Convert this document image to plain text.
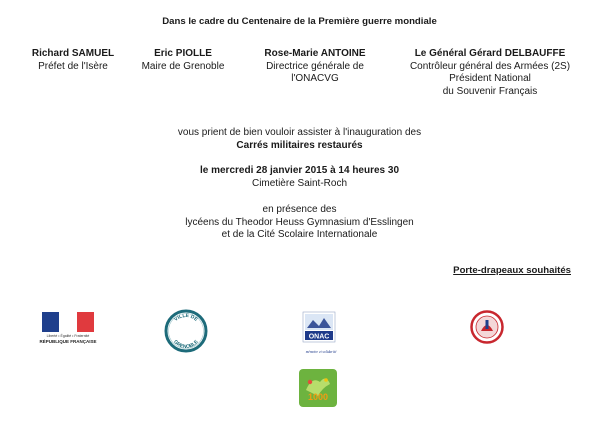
Dans le cadre du Centenaire de la Première guerre mondiale
Richard SAMUEL
Préfet de l'Isère
Eric PIOLLE
Maire de Grenoble
Rose-Marie ANTOINE
Directrice générale de
l'ONACVG
Le Général Gérard DELBAUFFE
Contrôleur général des Armées (2S)
Président National
du Souvenir Français
vous prient de bien vouloir assister à l'inauguration des
Carrés militaires restaurés
le mercredi 28 janvier 2015 à 14 heures 30
Cimetière Saint-Roch
en présence des
lycéens du Theodor Heuss Gymnasium d'Esslingen
et de la Cité Scolaire Internationale
Porte-drapeaux souhaités
Liberté • Égalité • Fraternité
RÉPUBLIQUE FRANÇAISE
VILLE DE
GRENOBLE
ONAC
mémoire et solidarité
1000
